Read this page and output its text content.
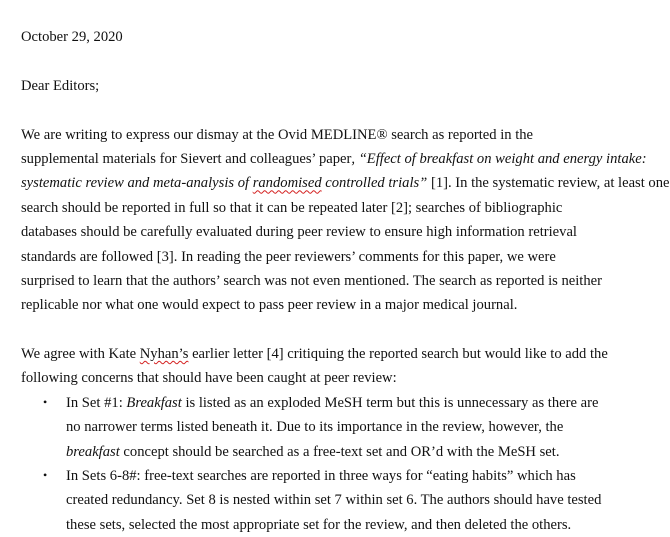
October 29, 2020
Dear Editors;
We are writing to express our dismay at the Ovid MEDLINE® search as reported in the
supplemental materials for Sievert and colleagues’ paper, “Effect of breakfast on weight and energy intake:
systematic review and meta-analysis of randomised controlled trials” [1]. In the systematic review, at least one
search should be reported in full so that it can be repeated later [2]; searches of bibliographic
databases should be carefully evaluated during peer review to ensure high information retrieval
standards are followed [3]. In reading the peer reviewers’ comments for this paper, we were
surprised to learn that the authors’ search was not even mentioned. The search as reported is neither
replicable nor what one would expect to pass peer review in a major medical journal.
We agree with Kate Nyhan’s earlier letter [4] critiquing the reported search but would like to add the
following concerns that should have been caught at peer review:
•	In Set #1: Breakfast is listed as an exploded MeSH term but this is unnecessary as there are
no narrower terms listed beneath it. Due to its importance in the review, however, the
breakfast concept should be searched as a free-text set and OR’d with the MeSH set.
•	In Sets 6-8#: free-text searches are reported in three ways for “eating habits” which has
created redundancy. Set 8 is nested within set 7 within set 6. The authors should have tested
these sets, selected the most appropriate set for the review, and then deleted the others.
